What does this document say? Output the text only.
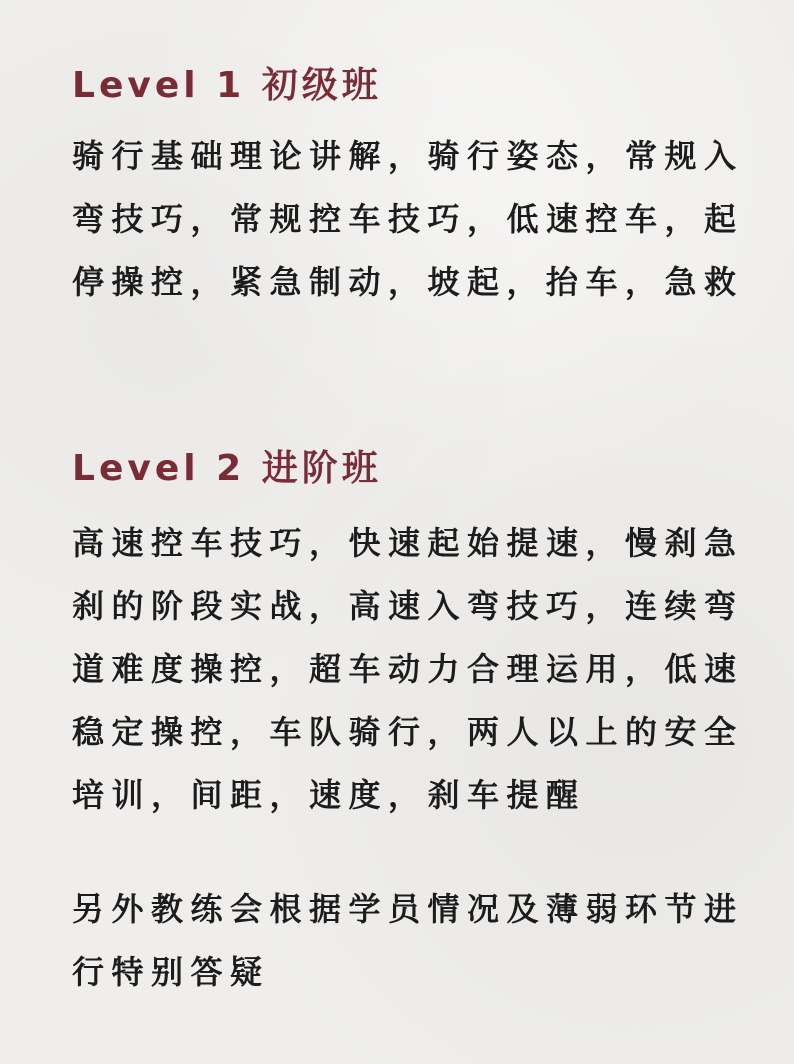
Level 1 初级班

骑行基础理论讲解，骑行姿态，常规入弯技巧，常规控车技巧，低速控车，起停操控，紧急制动，坡起，抬车，急救

Level 2 进阶班

高速控车技巧，快速起始提速，慢刹急刹的阶段实战，高速入弯技巧，连续弯道难度操控，超车动力合理运用，低速稳定操控，车队骑行，两人以上的安全培训，间距，速度，刹车提醒

另外教练会根据学员情况及薄弱环节进行特别答疑
